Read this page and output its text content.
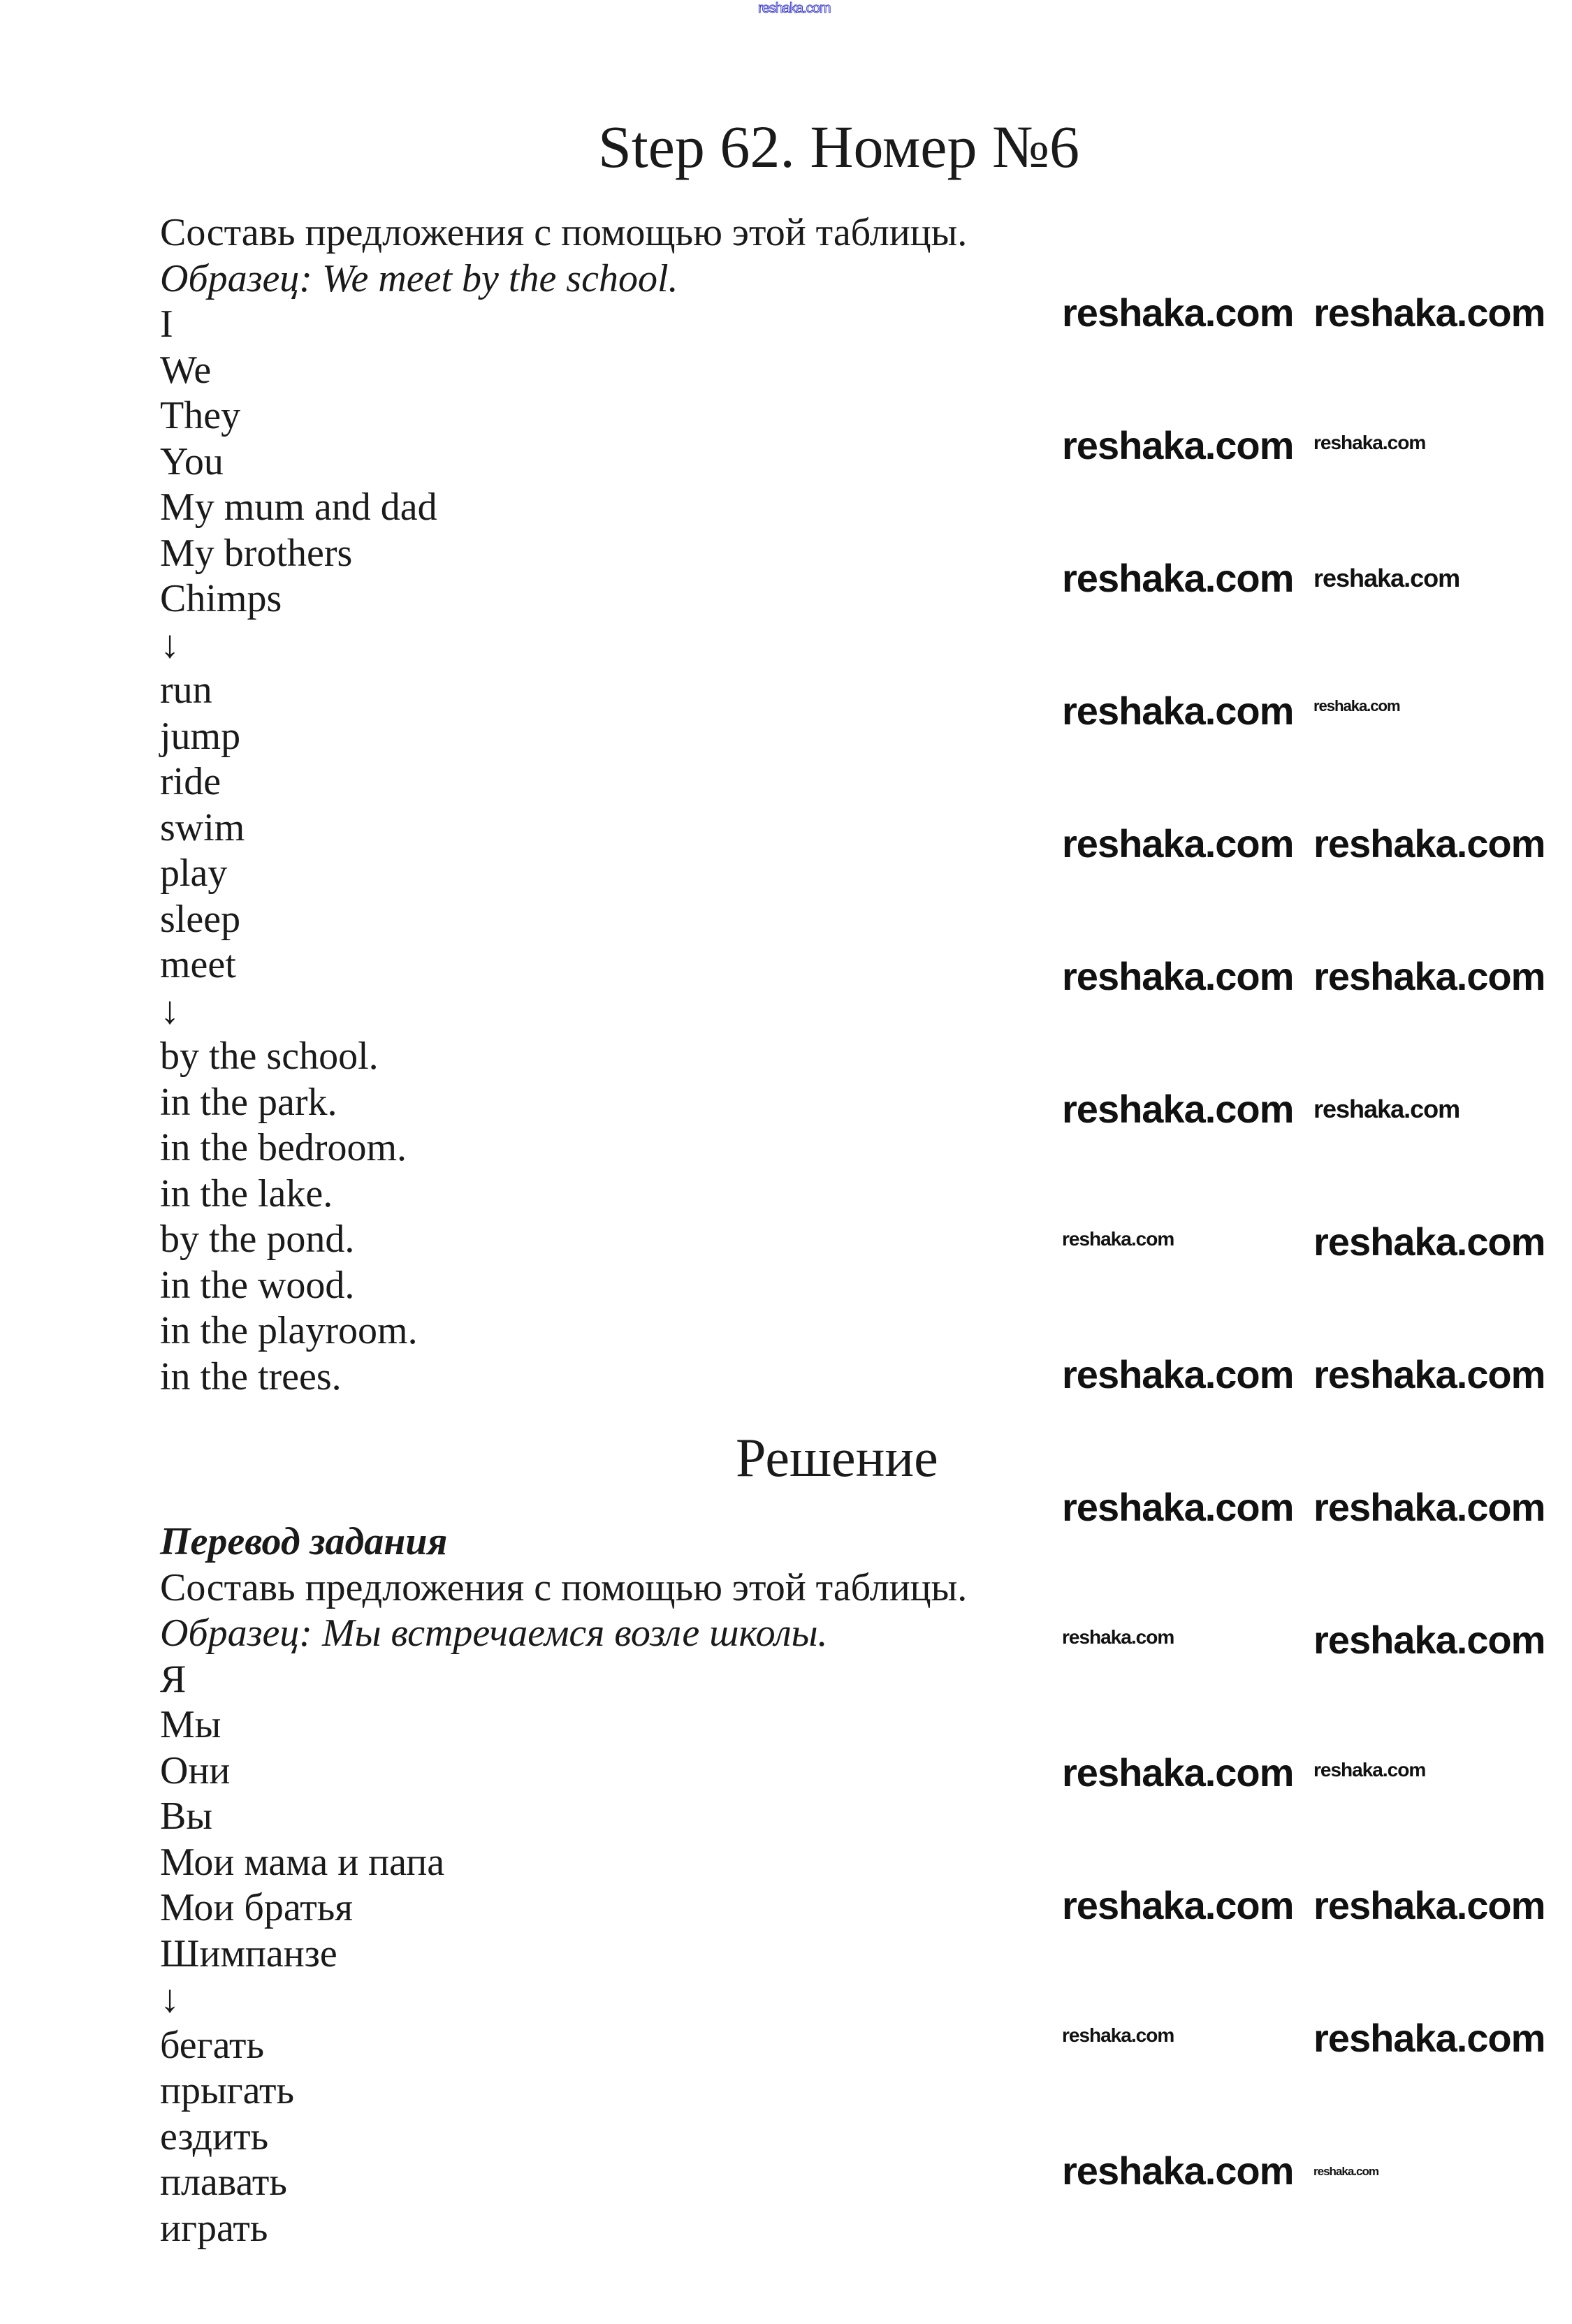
reshaka.com
Step 62. Номер №6
Составь предложения с помощью этой таблицы.
Образец: We meet by the school.
I
We
They
You
My mum and dad
My brothers
Chimps
↓
run
jump
ride
swim
play
sleep
meet
↓
by the school.
in the park.
in the bedroom.
in the lake.
by the pond.
in the wood.
in the playroom.
in the trees.
Решение
Перевод задания
Составь предложения с помощью этой таблицы.
Образец: Мы встречаемся возле школы.
Я
Мы
Они
Вы
Мои мама и папа
Мои братья
Шимпанзе
↓
бегать
прыгать
ездить
плавать
играть
reshaka.com reshaka.com
reshaka.com reshaka.com
reshaka.com reshaka.com
reshaka.com reshaka.com
reshaka.com reshaka.com
reshaka.com reshaka.com
reshaka.com reshaka.com
reshaka.com	reshaka.com
reshaka.com reshaka.com
reshaka.com reshaka.com
reshaka.com	reshaka.com
reshaka.com reshaka.com
reshaka.com reshaka.com
reshaka.com	reshaka.com
reshaka.com reshaka.com
